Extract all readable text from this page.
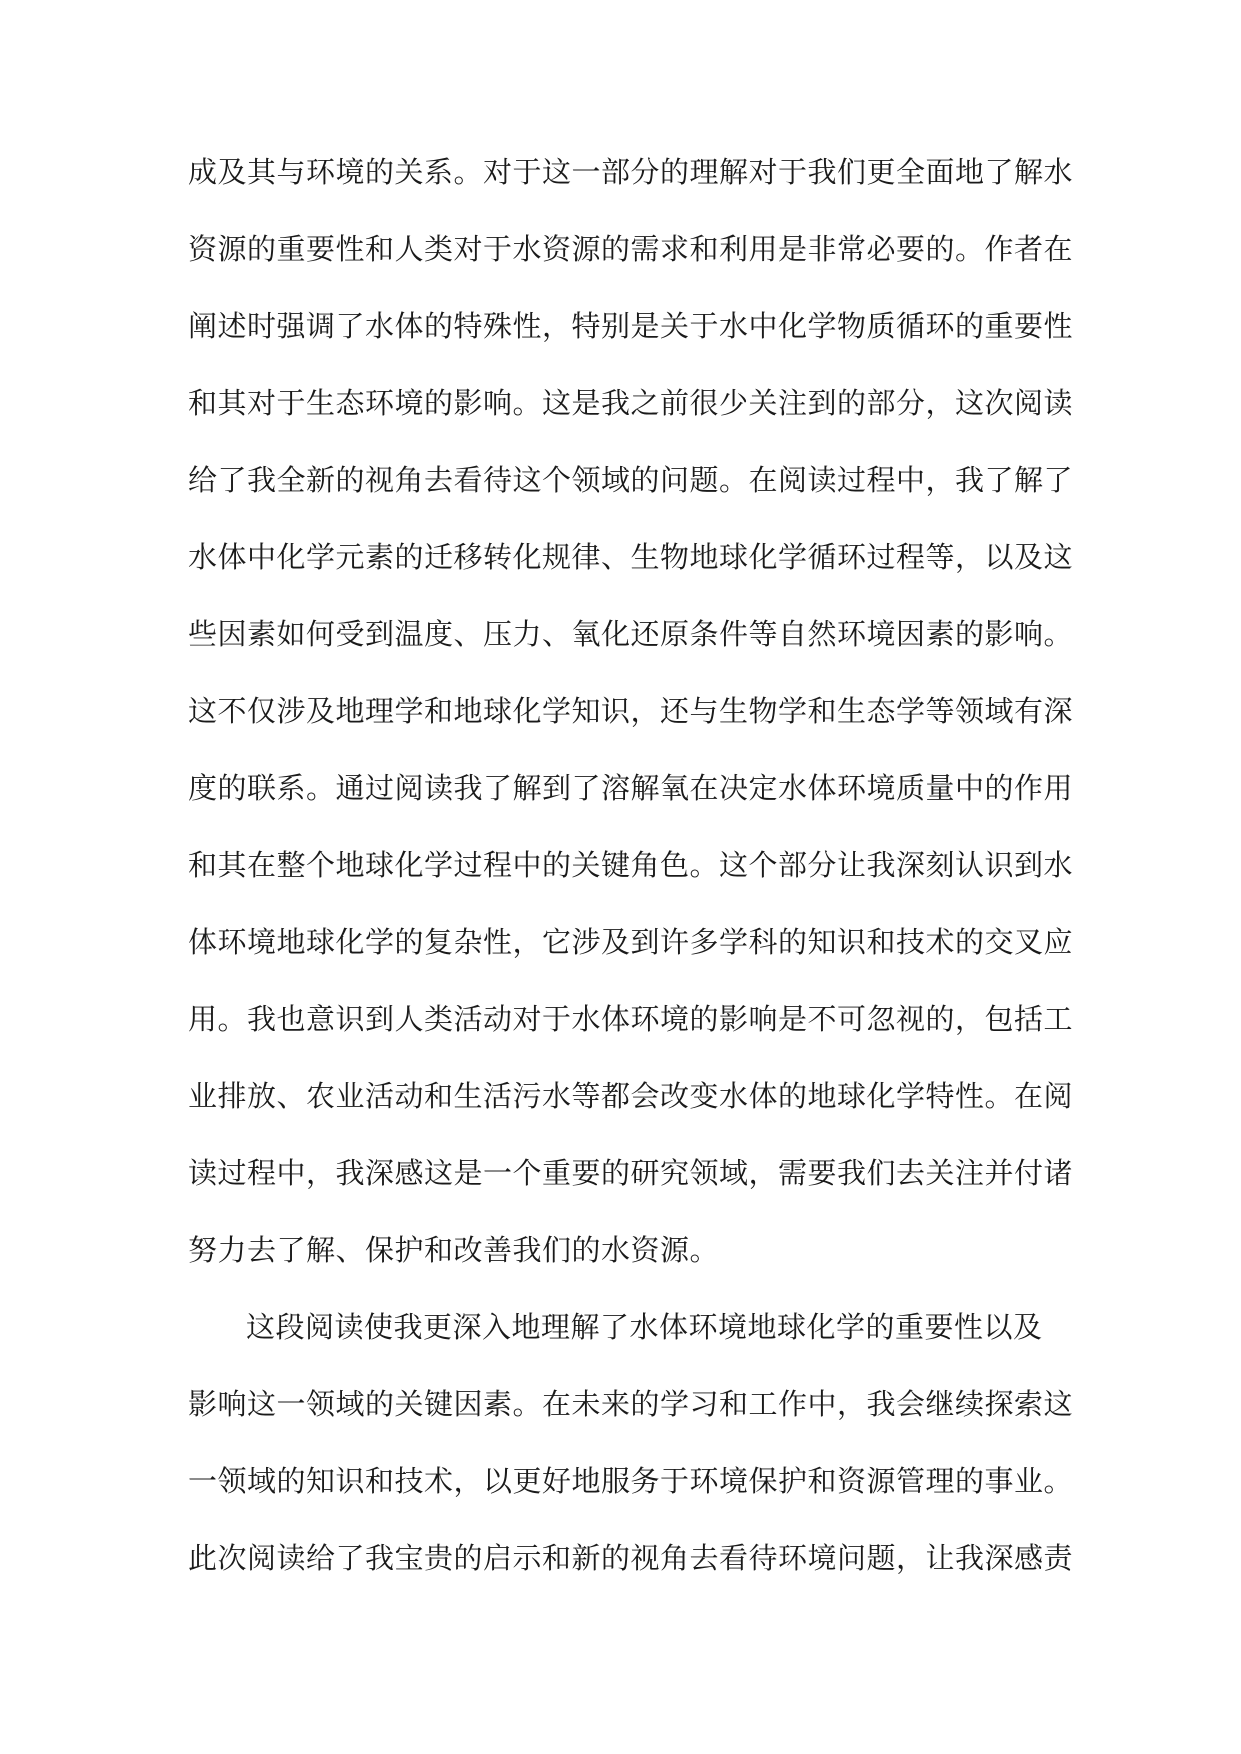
成及其与环境的关系。对于这一部分的理解对于我们更全面地了解水
资源的重要性和人类对于水资源的需求和利用是非常必要的。作者在
阐述时强调了水体的特殊性，特别是关于水中化学物质循环的重要性
和其对于生态环境的影响。这是我之前很少关注到的部分，这次阅读
给了我全新的视角去看待这个领域的问题。在阅读过程中，我了解了
水体中化学元素的迁移转化规律、生物地球化学循环过程等，以及这
些因素如何受到温度、压力、氧化还原条件等自然环境因素的影响。
这不仅涉及地理学和地球化学知识，还与生物学和生态学等领域有深
度的联系。通过阅读我了解到了溶解氧在决定水体环境质量中的作用
和其在整个地球化学过程中的关键角色。这个部分让我深刻认识到水
体环境地球化学的复杂性，它涉及到许多学科的知识和技术的交叉应
用。我也意识到人类活动对于水体环境的影响是不可忽视的，包括工
业排放、农业活动和生活污水等都会改变水体的地球化学特性。在阅
读过程中，我深感这是一个重要的研究领域，需要我们去关注并付诸
努力去了解、保护和改善我们的水资源。
这段阅读使我更深入地理解了水体环境地球化学的重要性以及
影响这一领域的关键因素。在未来的学习和工作中，我会继续探索这
一领域的知识和技术，以更好地服务于环境保护和资源管理的事业。
此次阅读给了我宝贵的启示和新的视角去看待环境问题，让我深感责
